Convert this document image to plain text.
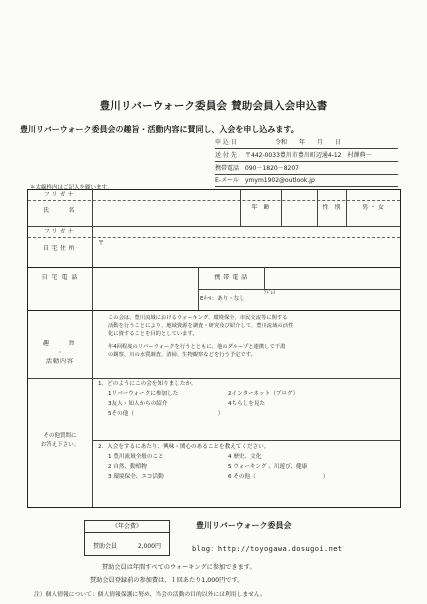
豊川リバーウォーク委員会 賛助会員入会申込書
豊川リバーウォーク委員会の趣旨・活動内容に賛同し、入会を申し込みます。
申 込 日	令和　　年　　月　　日
送 付 先 〒442-0033豊川市豊川町辺通4-12　村澤典一
携帯電話 090－1820－8207
E-メール ymym1902@outlook.jp
＊太線枠内はご記入を願います。
フリガナ
氏　　名	年　齢	性　別	男 ・ 女
フリガナ
自宅住所
〒
自 宅 電 話	携 帯 電 話
Eﾒｰﾙ：あり・なし
ｱﾄﾞﾚｽ
趣　　旨
・
活動内容
この会は、豊川流域におけるウォーキング、環境保全、市民交流等に関する
活動を行うことにより、地域資源を調査・研究及び紹介して、豊川流域の活性
化に資することを目的としています。
年4回程度のリバーウォークを行うとともに、他のグループと連携して干潟
の観察、川の水質調査、清掃、生物観察などを行う予定です。
その他質問に
お答え下さい。
1．どのようにこの会を知りましたか。
1リバーウォークに参加した	2インターネット（ブログ）
3友人・知人からの紹介	4ちらしを見た
5その他（　　　　　　　　　　　　　　　）
2．入会をするにあたり、興味・関心のあることを教えてください。
1 豊川流域全般のこと	4 歴史、文化
2 自然、動植物	5 ウォーキング 、川遊び、健康
3 環境保全、エコ活動	6 その他（　　　　　　　　　　　　）
《年会費》
賛助会員	2,000円
豊川リバーウォーク委員会
blog：http://toyogawa.dosugoi.net
賛助会員は年間すべてのウォーキングに参加できます。
賛助会員登録前の参加費は、１回あたり1,000円です。
注）個人情報について：個人情報保護に努め、当会の活動の目的以外には利用しません。
